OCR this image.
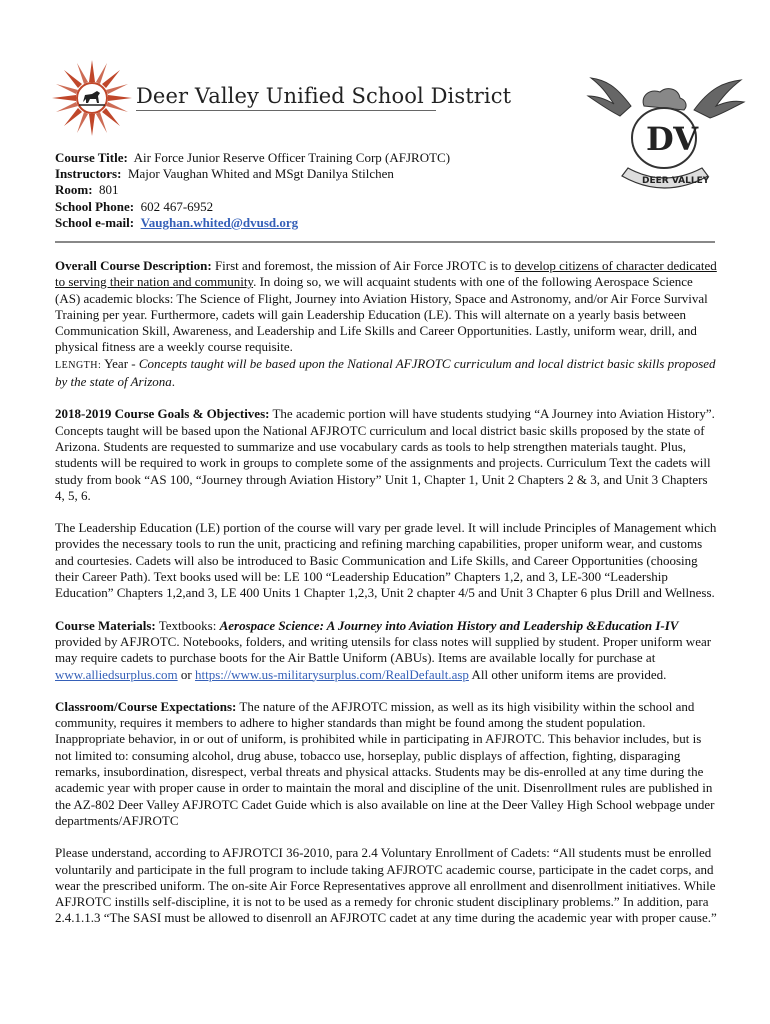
Deer Valley Unified School District
DV
DEER VALLEY
Course Title: Air Force Junior Reserve Officer Training Corp (AFJROTC)
Instructors: Major Vaughan Whited and MSgt Danilya Stilchen
Room: 801
School Phone: 602 467-6952
School e-mail: Vaughan.whited@dvusd.org

Overall Course Description: First and foremost, the mission of Air Force JROTC is to develop citizens of character dedicated to serving their nation and community. In doing so, we will acquaint students with one of the following Aerospace Science (AS) academic blocks: The Science of Flight, Journey into Aviation History, Space and Astronomy, and/or Air Force Survival Training per year. Furthermore, cadets will gain Leadership Education (LE). This will alternate on a yearly basis between Communication Skill, Awareness, and Leadership and Life Skills and Career Opportunities. Lastly, uniform wear, drill, and physical fitness are a weekly course requisite.

LENGTH: Year - Concepts taught will be based upon the National AFJROTC curriculum and local district basic skills proposed by the state of Arizona.

2018-2019 Course Goals & Objectives: The academic portion will have students studying “A Journey into Aviation History”. Concepts taught will be based upon the National AFJROTC curriculum and local district basic skills proposed by the state of Arizona. Students are requested to summarize and use vocabulary cards as tools to help strengthen materials taught. Plus, students will be required to work in groups to complete some of the assignments and projects. Curriculum Text the cadets will study from book “AS 100, “Journey through Aviation History” Unit 1, Chapter 1, Unit 2 Chapters 2 & 3, and Unit 3 Chapters 4, 5, 6.

The Leadership Education (LE) portion of the course will vary per grade level. It will include Principles of Management which provides the necessary tools to run the unit, practicing and refining marching capabilities, proper uniform wear, and customs and courtesies. Cadets will also be introduced to Basic Communication and Life Skills, and Career Opportunities (choosing their Career Path). Text books used will be: LE 100 “Leadership Education” Chapters 1,2, and 3, LE-300 “Leadership Education” Chapters 1,2,and 3, LE 400 Units 1 Chapter 1,2,3, Unit 2 chapter 4/5 and Unit 3 Chapter 6 plus Drill and Wellness.

Course Materials: Textbooks: Aerospace Science: A Journey into Aviation History and Leadership &Education I-IV provided by AFJROTC. Notebooks, folders, and writing utensils for class notes will supplied by student. Proper uniform wear may require cadets to purchase boots for the Air Battle Uniform (ABUs). Items are available locally for purchase at www.alliedsurplus.com or https://www.us-militarysurplus.com/RealDefault.asp All other uniform items are provided.

Classroom/Course Expectations: The nature of the AFJROTC mission, as well as its high visibility within the school and community, requires it members to adhere to higher standards than might be found among the student population. Inappropriate behavior, in or out of uniform, is prohibited while in participating in AFJROTC. This behavior includes, but is not limited to: consuming alcohol, drug abuse, tobacco use, horseplay, public displays of affection, fighting, disparaging remarks, insubordination, disrespect, verbal threats and physical attacks. Students may be dis-enrolled at any time during the academic year with proper cause in order to maintain the moral and discipline of the unit. Disenrollment rules are published in the AZ-802 Deer Valley AFJROTC Cadet Guide which is also available on line at the Deer Valley High School webpage under departments/AFJROTC

Please understand, according to AFJROTCI 36-2010, para 2.4 Voluntary Enrollment of Cadets: “All students must be enrolled voluntarily and participate in the full program to include taking AFJROTC academic course, participate in the cadet corps, and wear the prescribed uniform. The on-site Air Force Representatives approve all enrollment and disenrollment initiatives. While AFJROTC instills self-discipline, it is not to be used as a remedy for chronic student disciplinary problems.” In addition, para 2.4.1.1.3 “The SASI must be allowed to disenroll an AFJROTC cadet at any time during the academic year with proper cause.”
